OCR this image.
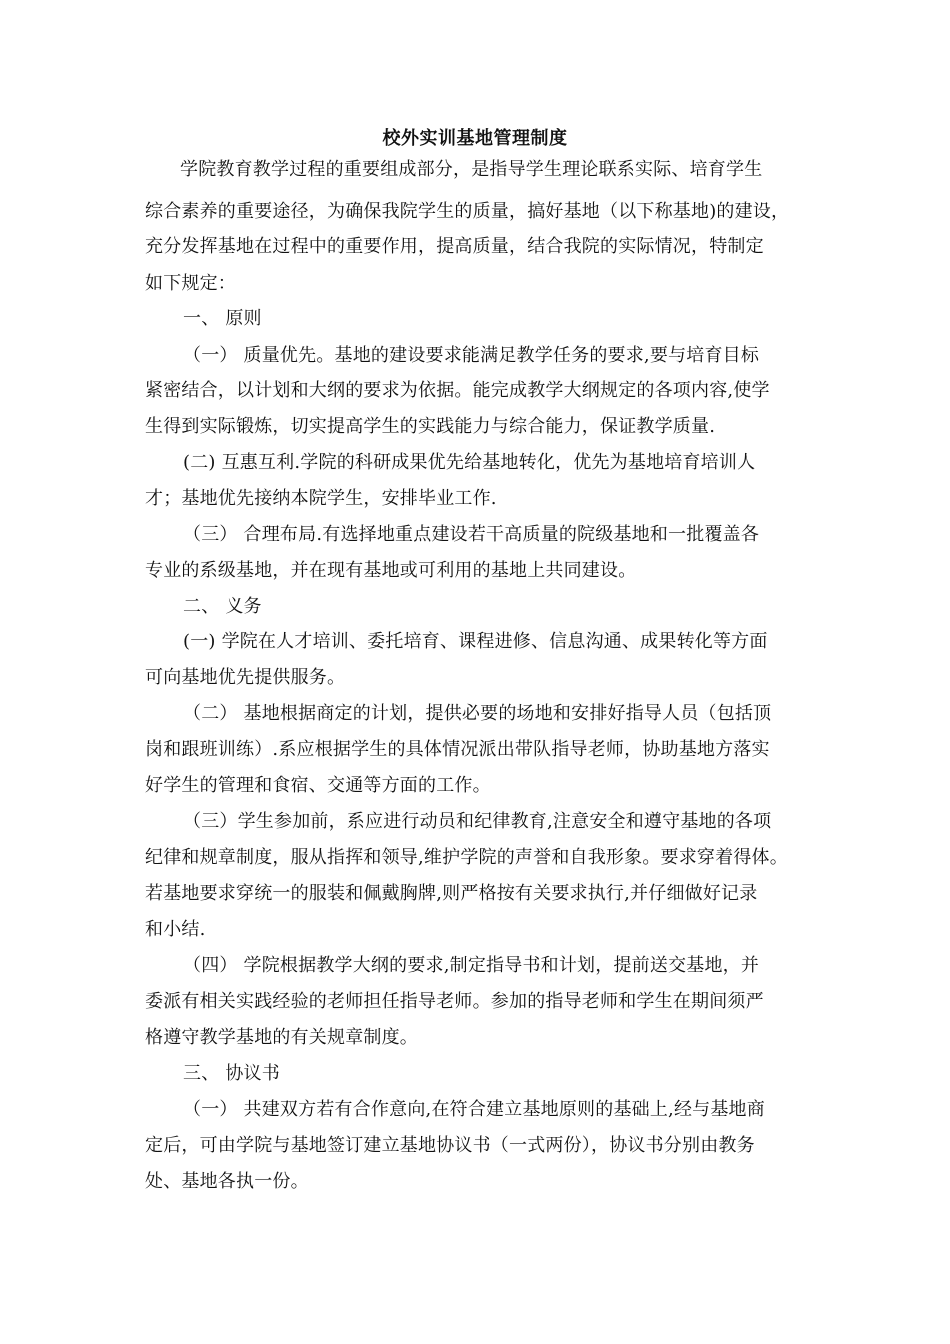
校外实训基地管理制度
学院教育教学过程的重要组成部分，是指导学生理论联系实际、培育学生
综合素养的重要途径，为确保我院学生的质量，搞好基地（以下称基地)的建设，
充分发挥基地在过程中的重要作用，提高质量，结合我院的实际情况，特制定
如下规定：
一、 原则
（一） 质量优先。基地的建设要求能满足教学任务的要求,要与培育目标
紧密结合，以计划和大纲的要求为依据。能完成教学大纲规定的各项内容,使学
生得到实际锻炼，切实提高学生的实践能力与综合能力，保证教学质量.
(二) 互惠互利.学院的科研成果优先给基地转化，优先为基地培育培训人
才；基地优先接纳本院学生，安排毕业工作.
（三） 合理布局.有选择地重点建设若干高质量的院级基地和一批覆盖各
专业的系级基地，并在现有基地或可利用的基地上共同建设。
二、 义务
(一) 学院在人才培训、委托培育、课程进修、信息沟通、成果转化等方面
可向基地优先提供服务。
（二） 基地根据商定的计划，提供必要的场地和安排好指导人员（包括顶
岗和跟班训练）.系应根据学生的具体情况派出带队指导老师，协助基地方落实
好学生的管理和食宿、交通等方面的工作。
（三）学生参加前，系应进行动员和纪律教育,注意安全和遵守基地的各项
纪律和规章制度，服从指挥和领导,维护学院的声誉和自我形象。要求穿着得体。
若基地要求穿统一的服装和佩戴胸牌,则严格按有关要求执行,并仔细做好记录
和小结.
（四） 学院根据教学大纲的要求,制定指导书和计划，提前送交基地，并
委派有相关实践经验的老师担任指导老师。参加的指导老师和学生在期间须严
格遵守教学基地的有关规章制度。
三、 协议书
（一） 共建双方若有合作意向,在符合建立基地原则的基础上,经与基地商
定后，可由学院与基地签订建立基地协议书（一式两份），协议书分别由教务
处、基地各执一份。
